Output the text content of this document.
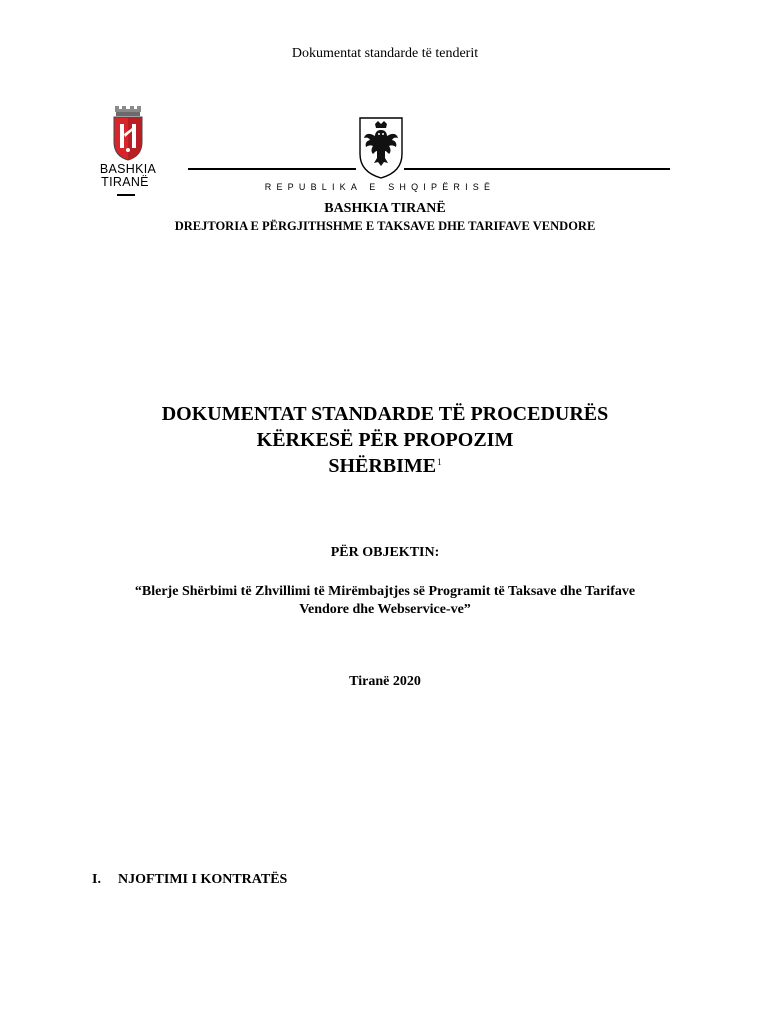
Dokumentat standarde të tenderit
BASHKIA
TIRANË	REPUBLIKA E SHQIPËRISË
BASHKIA TIRANË
DREJTORIA E PËRGJITHSHME E TAKSAVE DHE TARIFAVE VENDORE
DOKUMENTAT STANDARDE TË PROCEDURËS
KËRKESË PËR PROPOZIM
SHËRBIME$^1$
PËR OBJEKTIN:
“Blerje Shërbimi të Zhvillimi të Mirëmbajtjes së Programit të Taksave dhe Tarifave
Vendore dhe Webservice-ve”
Tiranë 2020
I. NJOFTIMI I KONTRATËS
